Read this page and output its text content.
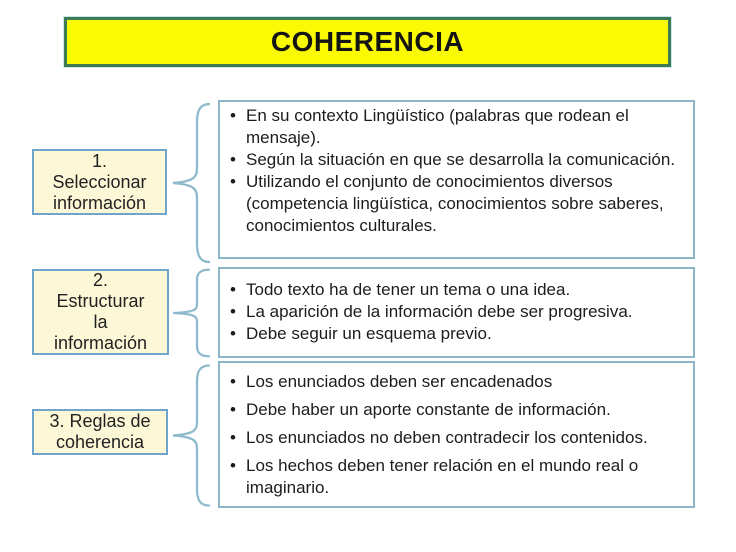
COHERENCIA
1.
Seleccionar
información
2.
Estructurar
la
información
3. Reglas de
coherencia
• En su contexto Lingüístico (palabras que rodean el mensaje).
• Según la situación en que se desarrolla la comunicación.
• Utilizando el conjunto de conocimientos diversos (competencia lingüística, conocimientos sobre saberes, conocimientos culturales.
• Todo texto ha de tener un tema o una idea.
• La aparición de la información debe ser progresiva.
• Debe seguir un esquema previo.
• Los enunciados deben ser encadenados
• Debe haber un aporte constante de información.
• Los enunciados no deben contradecir los contenidos.
• Los hechos deben tener relación en el mundo real o imaginario.
